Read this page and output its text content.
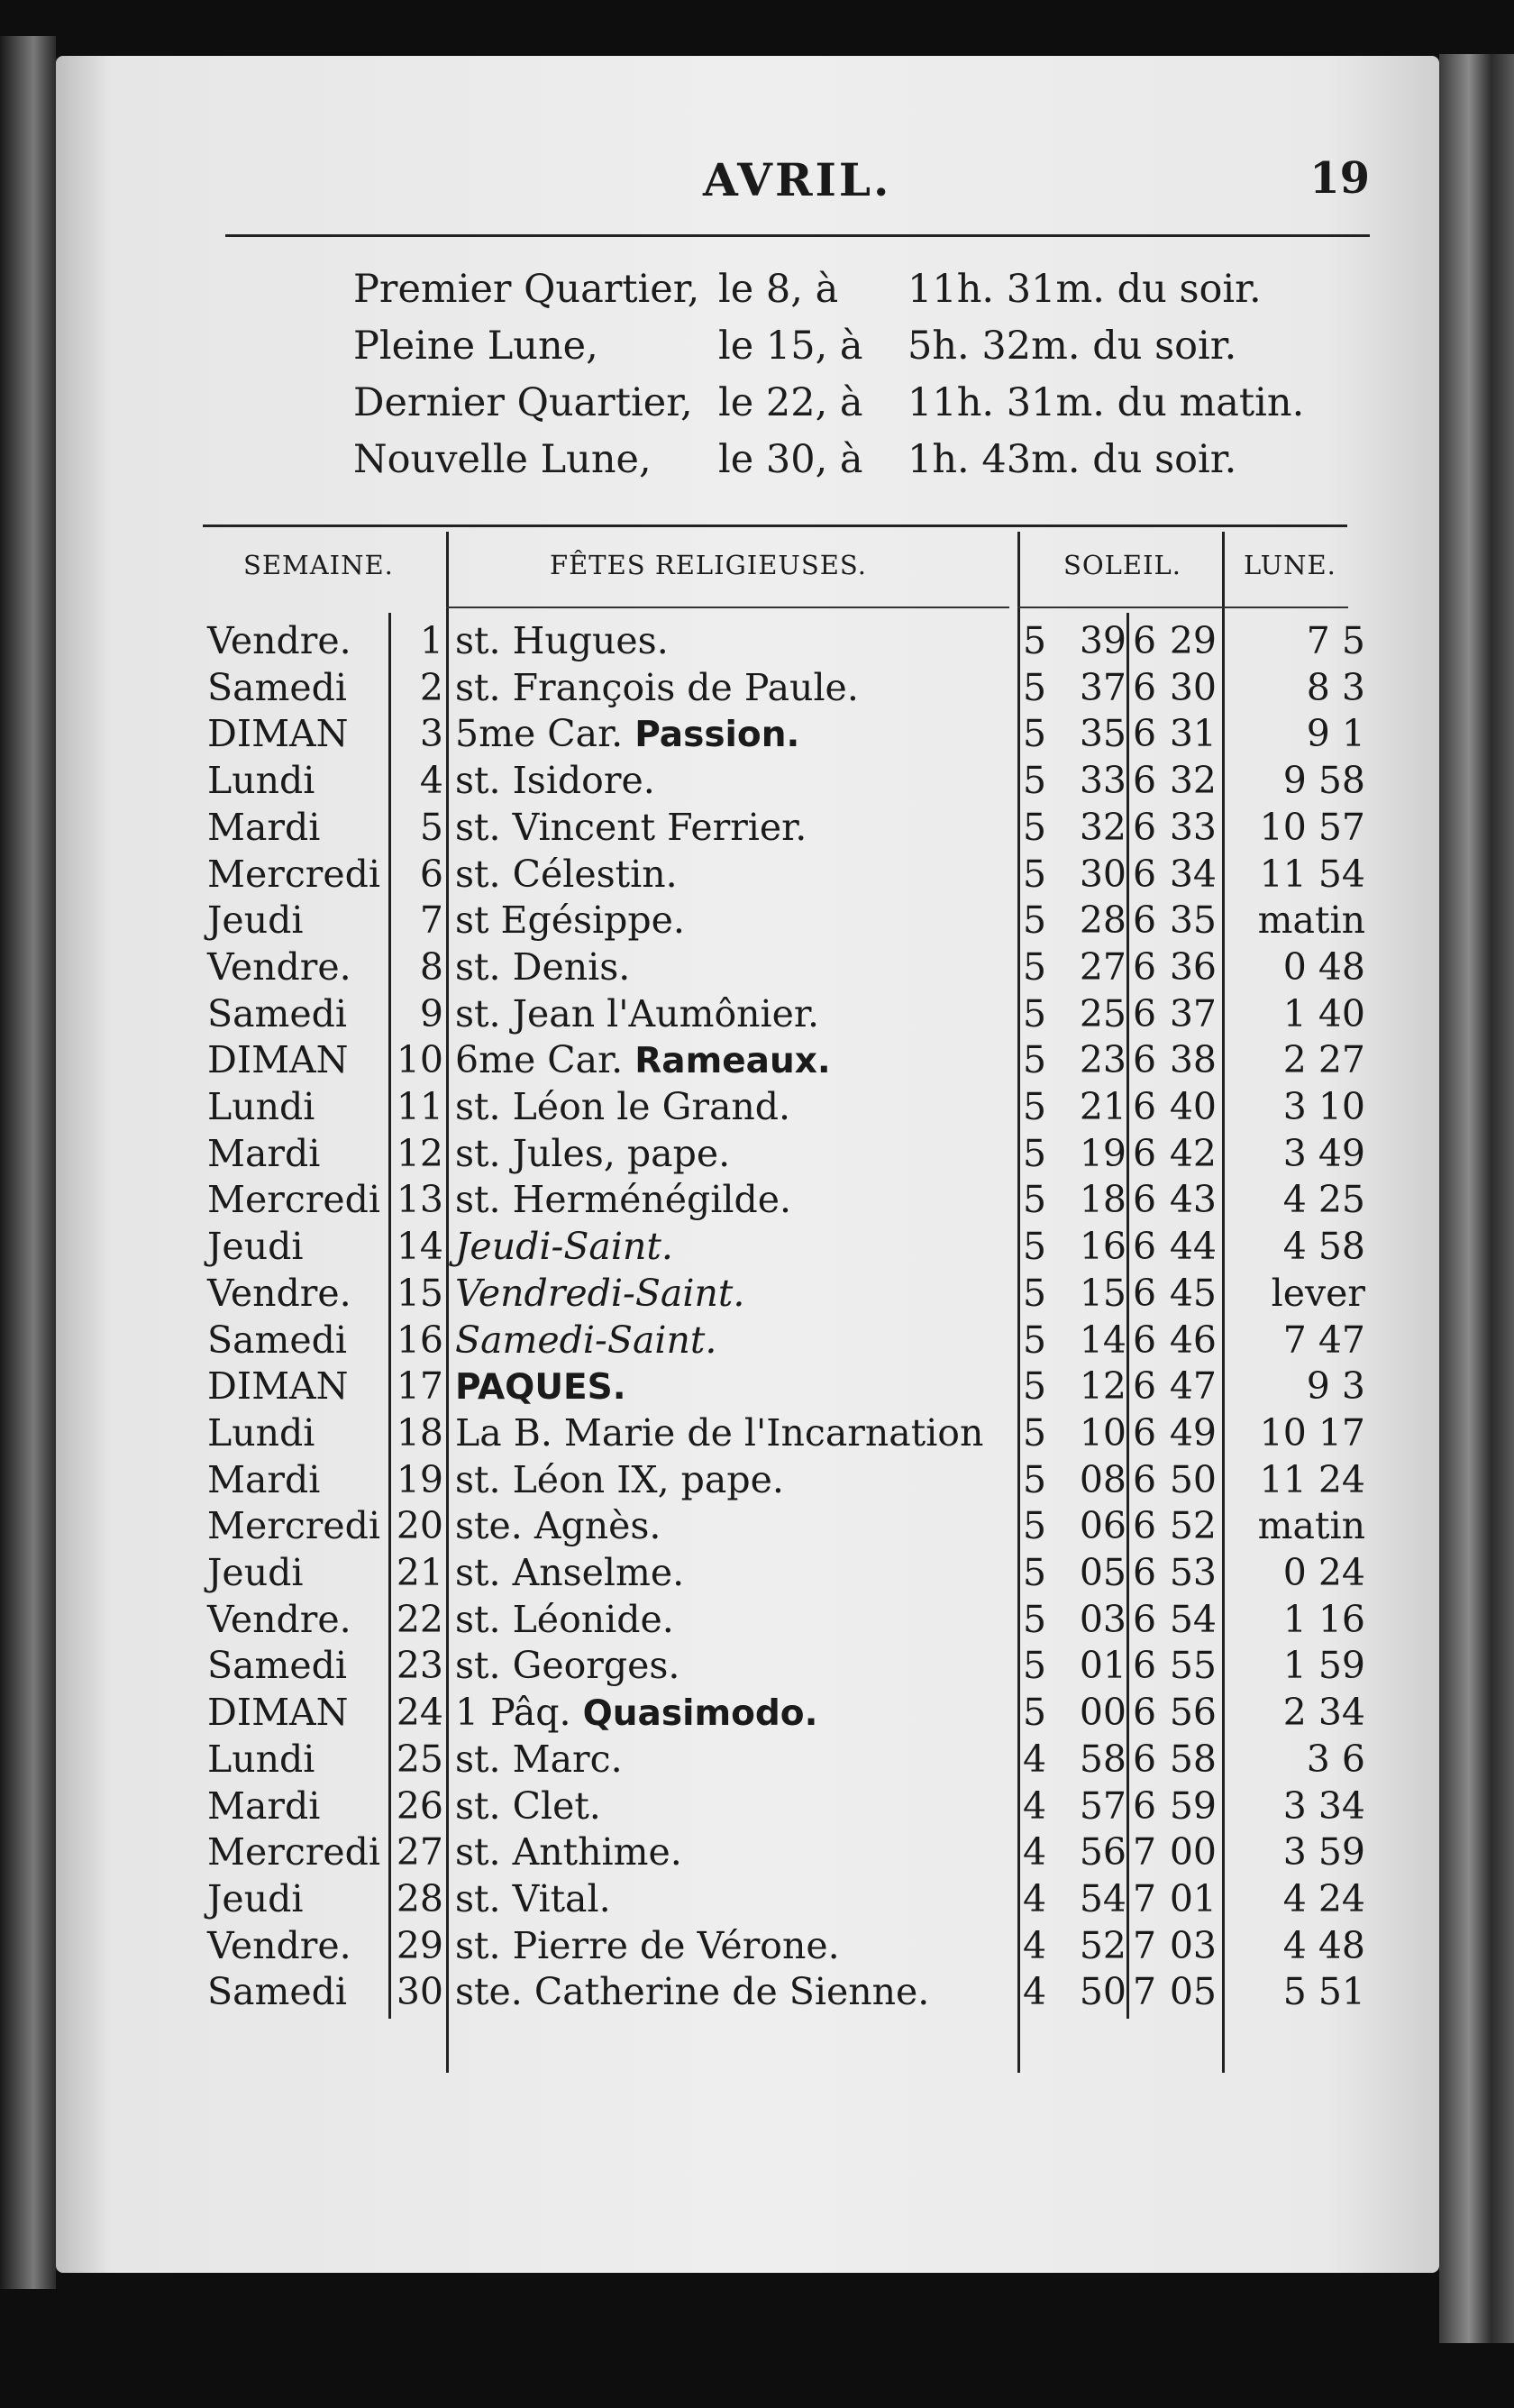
AVRIL.	19
Premier Quartier, le 8, à 11h. 31m. du soir.
Pleine Lune,	le 15, à 5h. 32m. du soir.
Dernier Quartier, le 22, à 11h. 31m. du matin.
Nouvelle Lune, le 30, à 1h. 43m. du soir.
SEMAINE.	FÊTES RELIGIEUSES.	SOLEIL. LUNE.
Vendre.	1 st. Hugues.	5 39 6 29	7 5
Samedi	2 st. François de Paule.	5 37 6 30	8 3
DIMAN	3 5me Car. Passion.	5 35 6 31	9 1
Lundi	4 st. Isidore.	5 33 6 32	9 58
Mardi	5 st. Vincent Ferrier.	5 32 6 33	10 57
Mercredi	6 st. Célestin.	5 30 6 34	11 54
Jeudi	7 st Egésippe.	5 28 6 35	matin
Vendre.	8 st. Denis.	5 27 6 36	0 48
Samedi	9 st. Jean l'Aumônier.	5 25 6 37	1 40
DIMAN	10 6me Car. Rameaux.	5 23 6 38	2 27
Lundi	11 st. Léon le Grand.	5 21 6 40	3 10
Mardi	12 st. Jules, pape.	5 19 6 42	3 49
Mercredi 13 st. Herménégilde.	5 18 6 43	4 25
Jeudi	14 Jeudi-Saint.	5 16 6 44	4 58
Vendre.	15 Vendredi-Saint.	5 15 6 45	lever
Samedi	16 Samedi-Saint.	5 14 6 46	7 47
DIMAN	17 PAQUES.	5 12 6 47	9 3
Lundi	18 La B. Marie de l'Incarnation 5 10 6 49	10 17
Mardi	19 st. Léon IX, pape.	5 08 6 50	11 24
Mercredi 20 ste. Agnès.	5 06 6 52	matin
Jeudi	21 st. Anselme.	5 05 6 53	0 24
Vendre.	22 st. Léonide.	5 03 6 54	1 16
Samedi	23 st. Georges.	5 01 6 55	1 59
DIMAN	24 1 Pâq. Quasimodo.	5 00 6 56	2 34
Lundi	25 st. Marc.	4 58 6 58	3 6
Mardi	26 st. Clet.	4 57 6 59	3 34
Mercredi 27 st. Anthime.	4 56 7 00	3 59
Jeudi	28 st. Vital.	4 54 7 01	4 24
Vendre.	29 st. Pierre de Vérone.	4 52 7 03	4 48
Samedi	30 ste. Catherine de Sienne.	4 50 7 05	5 51
